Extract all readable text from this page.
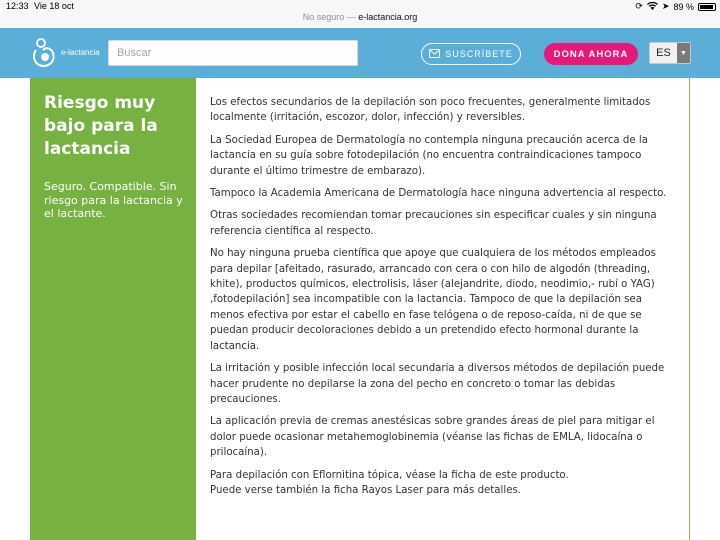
12:33 Vie 18 oct	⟳ ➤ 89 %
No seguro — e-lactancia.org
e-lactancia
Buscar	SUSCRÍBETE	DONA AHORA	ES	▼
Riesgo muy bajo para la lactancia
Seguro. Compatible. Sin riesgo para la lactancia y el lactante.

Los efectos secundarios de la depilación son poco frecuentes, generalmente limitados localmente (irritación, escozor, dolor, infección) y reversibles.

La Sociedad Europea de Dermatología no contempla ninguna precaución acerca de la lactancia en su guía sobre fotodepilación (no encuentra contraindicaciones tampoco durante el último trimestre de embarazo).

Tampoco la Academia Americana de Dermatología hace ninguna advertencia al respecto.

Otras sociedades recomiendan tomar precauciones sin especificar cuales y sin ninguna referencia científica al respecto.

No hay ninguna prueba científica que apoye que cualquiera de los métodos empleados para depilar [afeitado, rasurado, arrancado con cera o con hilo de algodón (threading, khite), productos químicos, electrolisis, láser (alejandrite, diodo, neodimio,- rubí o YAG) ,fotodepilación] sea incompatible con la lactancia. Tampoco de que la depilación sea menos efectiva por estar el cabello en fase telógena o de reposo-caída, ni de que se puedan producir decoloraciones debido a un pretendido efecto hormonal durante la lactancia.

La irritación y posible infección local secundaria a diversos métodos de depilación puede hacer prudente no depilarse la zona del pecho en concreto o tomar las debidas precauciones.

La aplicación previa de cremas anestésicas sobre grandes áreas de piel para mitigar el dolor puede ocasionar metahemoglobinemia (véanse las fichas de EMLA, lidocaína o prilocaína).

Para depilación con Eflornitina tópica, véase la ficha de este producto.
Puede verse también la ficha Rayos Laser para más detalles.
